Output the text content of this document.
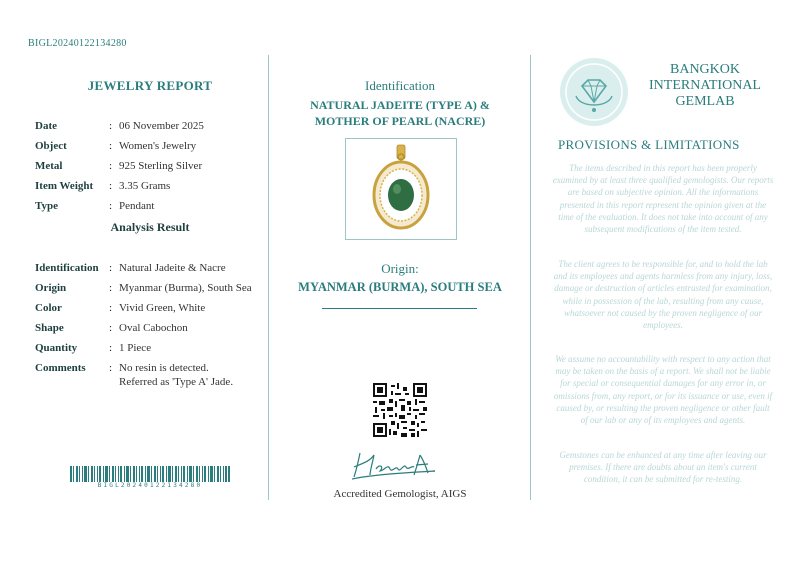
BIGL20240122134280
JEWELRY REPORT
Date	: 06 November 2025
Object	: Women's Jewelry
Metal	: 925 Sterling Silver
Item Weight	: 3.35 Grams
Type	: Pendant
Analysis Result
Identification : Natural Jadeite & Nacre
Origin	: Myanmar (Burma), South Sea
Color	: Vivid Green, White
Shape	: Oval Cabochon
Quantity	: 1 Piece
Comments	: No resin is detected.
Referred as 'Type A' Jade.
BIGL20240122134280
Identification
NATURAL JADEITE (TYPE A) &
MOTHER OF PEARL (NACRE)
Origin:
MYANMAR (BURMA), SOUTH SEA
Accredited Gemologist, AIGS
BANGKOK
INTERNATIONAL
GEMLAB
PROVISIONS & LIMITATIONS
The items described in this report has been properly examined by at least three qualified gemologists. Our reports are based on subjective opinion. All the informations presented in this report represent the opinion given at the time of the evaluation. It does not take into account of any subsequent modifications of the item tested.
The client agrees to be responsible for, and to hold the lab and its employees and agents harmless from any injury, loss, damage or destruction of articles entrusted for examination, while in possession of the lab, resulting from any cause, whatsoever not caused by the proven negligence of our employees.
We assume no accountability with respect to any action that may be taken on the basis of a report. We shall not be liable for special or consequential damages for any error in, or omissions from, any report, or for its issuance or use, even if caused by, or resulting the proven negligence or other fault of our lab or any of its employees and agents.
Gemstones can be enhanced at any time after leaving our premises. If there are doubts about an item's current condition, it can be submitted for re-testing.
